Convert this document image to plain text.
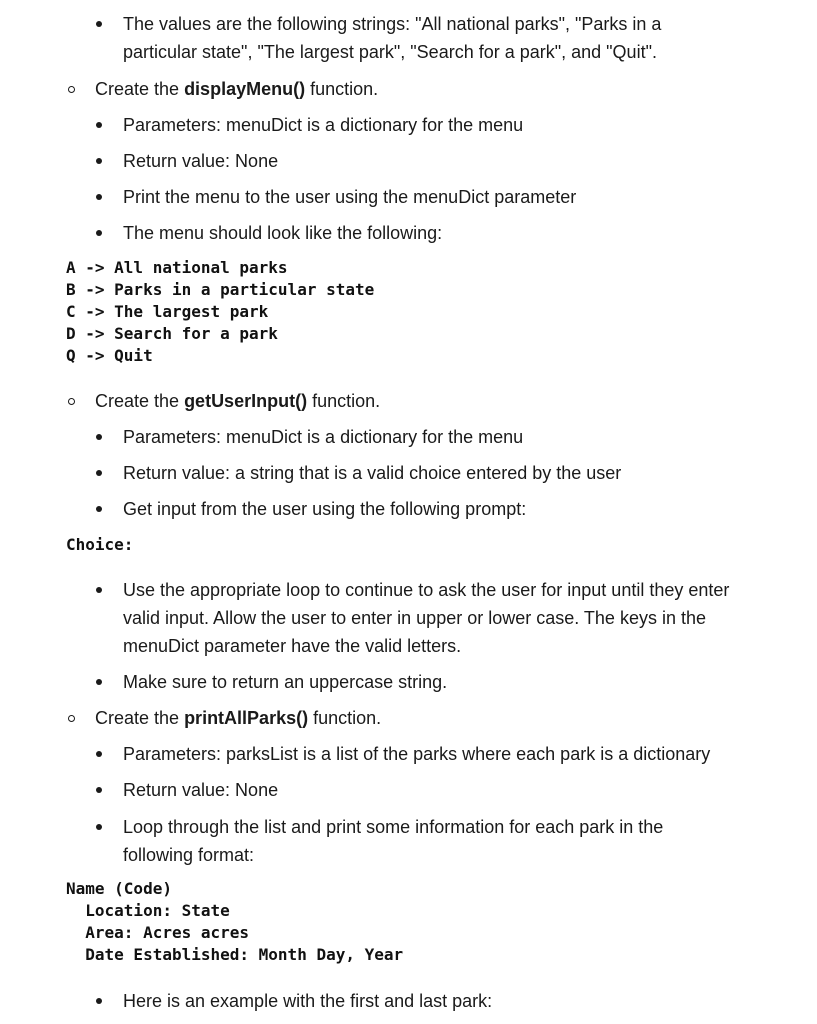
The values are the following strings: "All national parks", "Parks in a
particular state", "The largest park", "Search for a park", and "Quit".
Create the displayMenu() function.
Parameters: menuDict is a dictionary for the menu
Return value: None
Print the menu to the user using the menuDict parameter
The menu should look like the following:
A -> All national parks
B -> Parks in a particular state
C -> The largest park
D -> Search for a park
Q -> Quit
Create the getUserInput() function.
Parameters: menuDict is a dictionary for the menu
Return value: a string that is a valid choice entered by the user
Get input from the user using the following prompt:
Choice:
Use the appropriate loop to continue to ask the user for input until they enter
valid input. Allow the user to enter in upper or lower case. The keys in the
menuDict parameter have the valid letters.
Make sure to return an uppercase string.
Create the printAllParks() function.
Parameters: parksList is a list of the parks where each park is a dictionary
Return value: None
Loop through the list and print some information for each park in the
following format:
Name (Code)
Location: State
Area: Acres acres
Date Established: Month Day, Year
Here is an example with the first and last park:
